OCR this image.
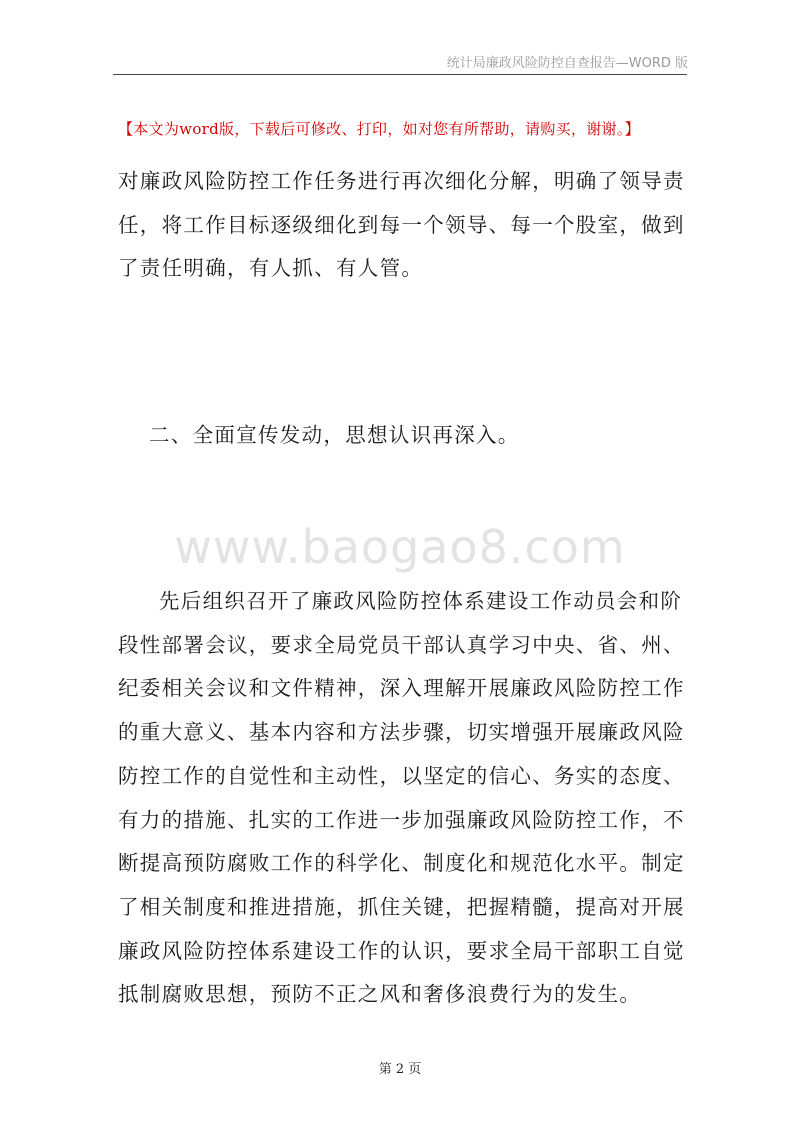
统计局廉政风险防控自查报告—WORD 版
【本文为word版，下载后可修改、打印，如对您有所帮助，请购买，谢谢。】

对廉政风险防控工作任务进行再次细化分解，明确了领导责任，将工作目标逐级细化到每一个领导、每一个股室，做到了责任明确，有人抓、有人管。

二、全面宣传发动，思想认识再深入。
www.baogao8.com

先后组织召开了廉政风险防控体系建设工作动员会和阶段性部署会议，要求全局党员干部认真学习中央、省、州、纪委相关会议和文件精神，深入理解开展廉政风险防控工作的重大意义、基本内容和方法步骤，切实增强开展廉政风险防控工作的自觉性和主动性，以坚定的信心、务实的态度、有力的措施、扎实的工作进一步加强廉政风险防控工作，不断提高预防腐败工作的科学化、制度化和规范化水平。制定了相关制度和推进措施，抓住关键，把握精髓，提高对开展廉政风险防控体系建设工作的认识，要求全局干部职工自觉抵制腐败思想，预防不正之风和奢侈浪费行为的发生。

第 2 页
